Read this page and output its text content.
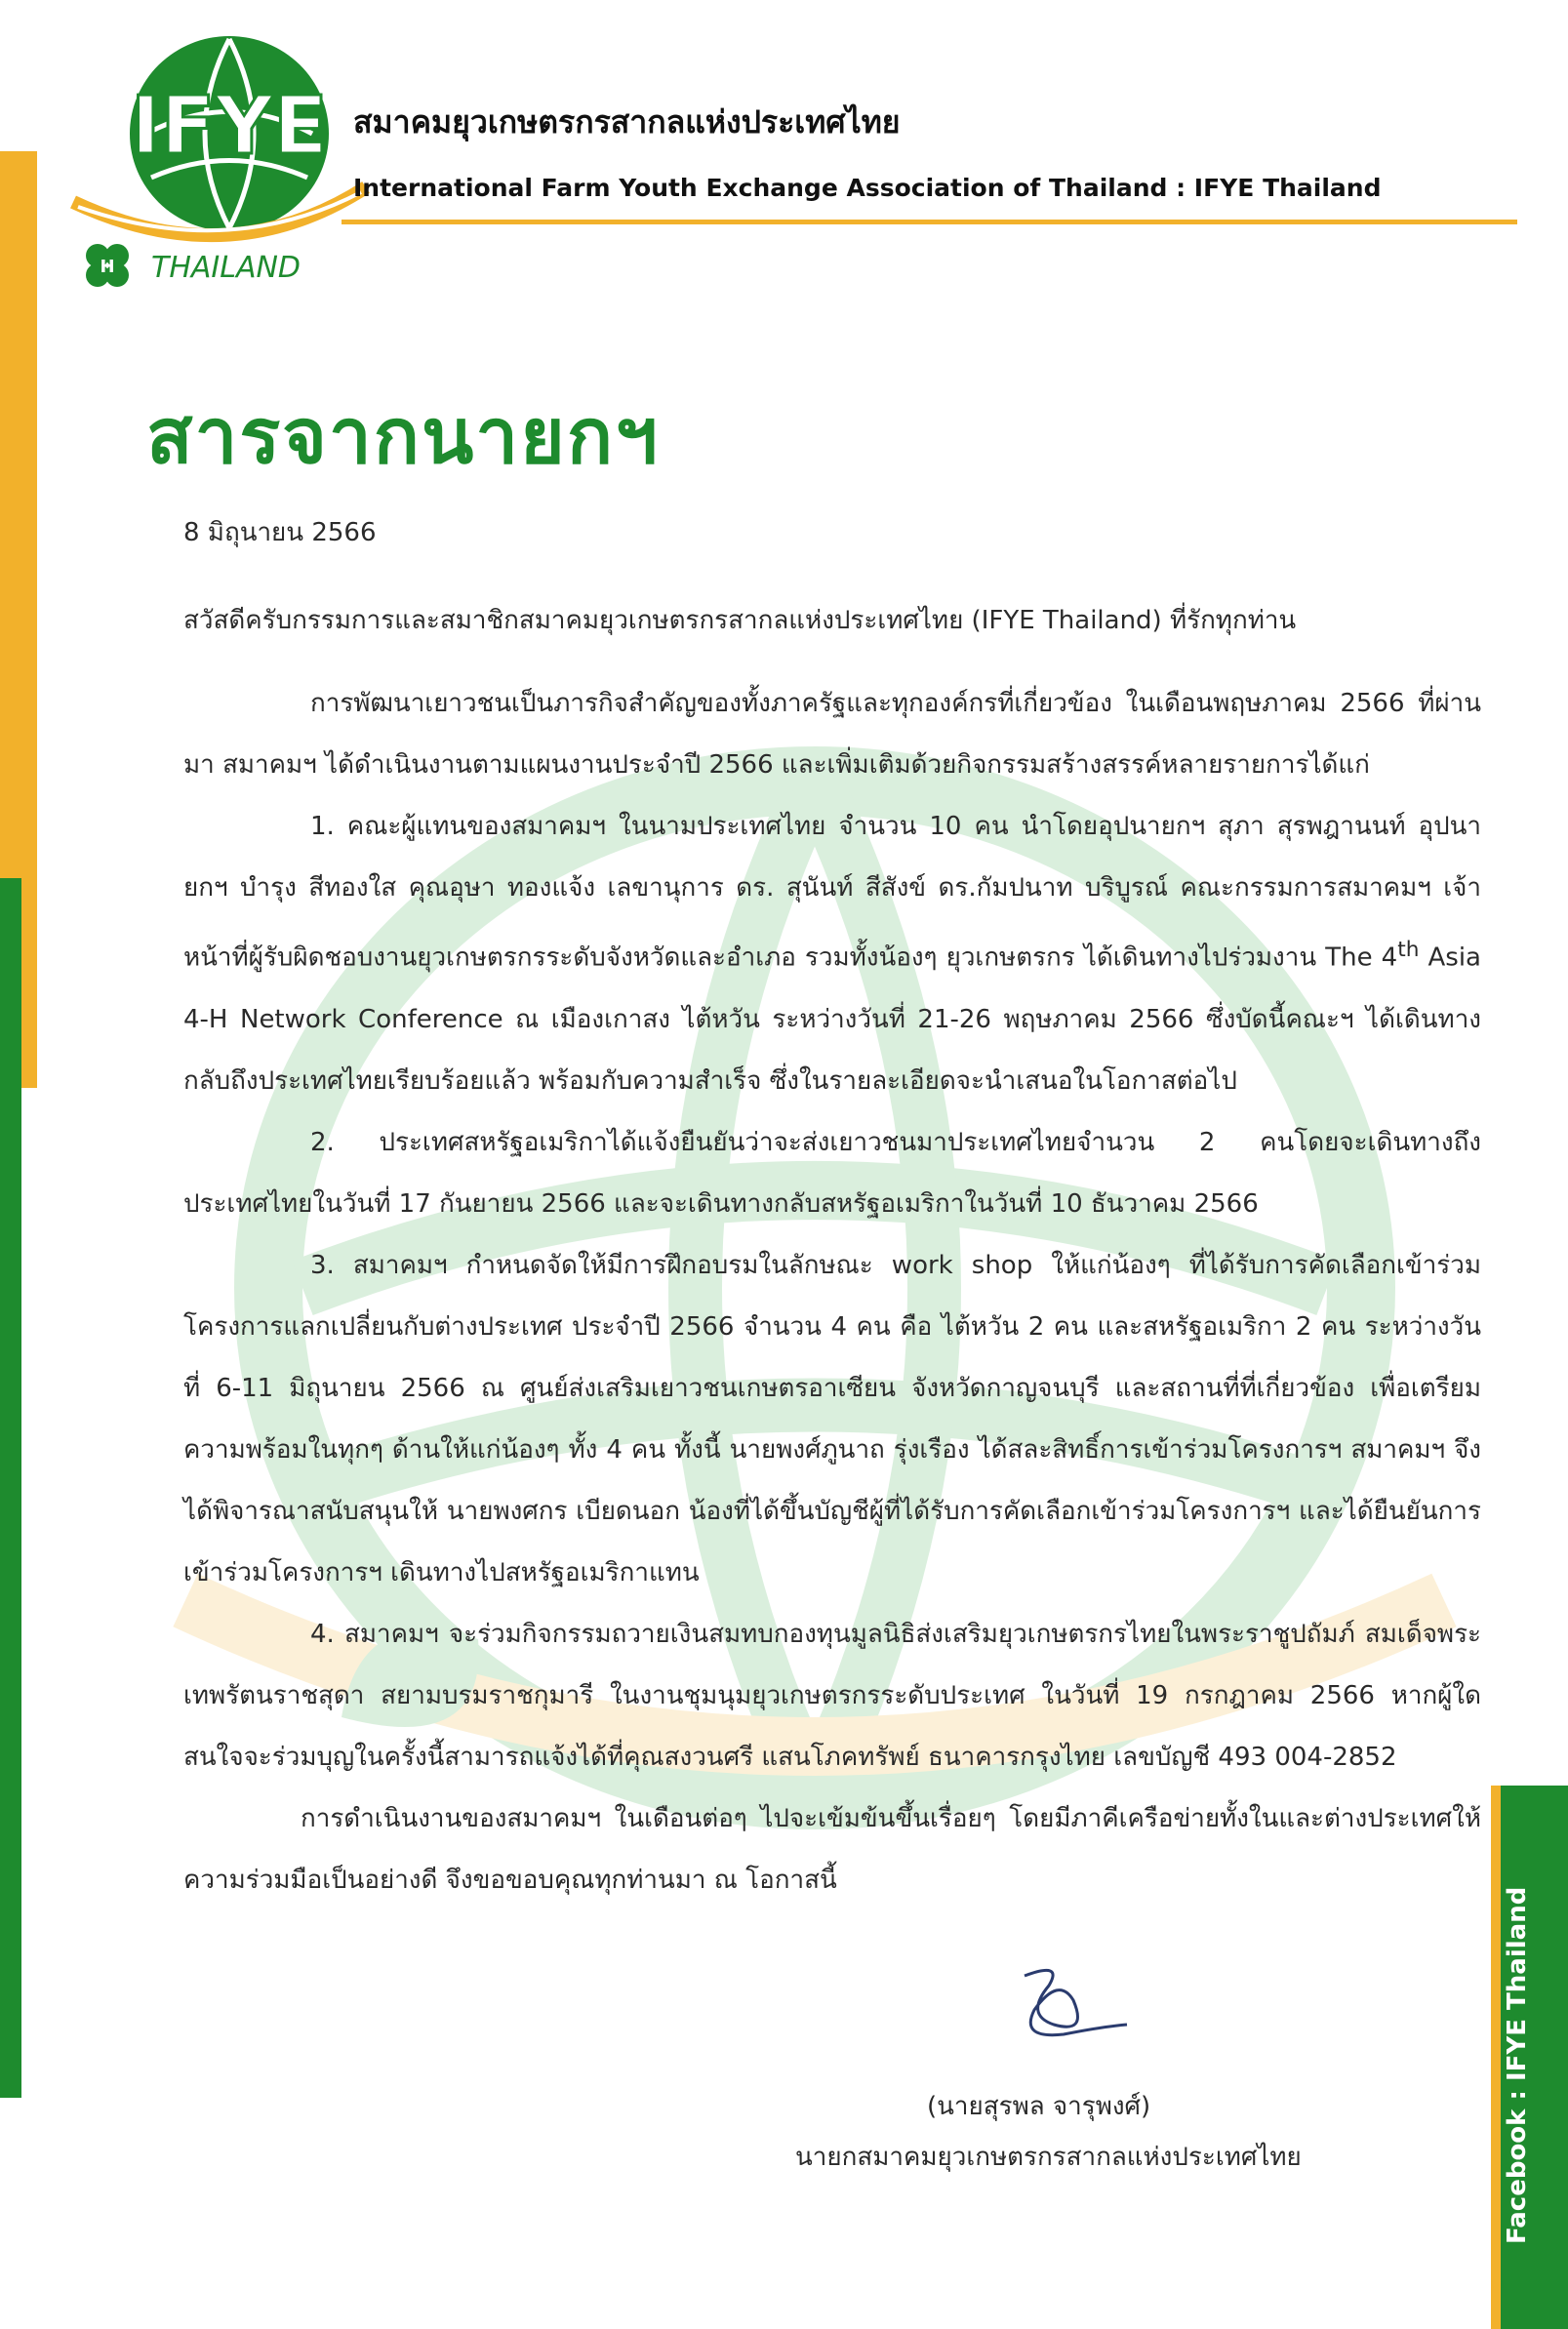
Facebook : IFYE Thailand
IFYE
H THAILAND
สมาคมยุวเกษตรกรสากลแห่งประเทศไทย
International Farm Youth Exchange Association of Thailand : IFYE Thailand
สารจากนายกฯ
8 มิถุนายน 2566
สวัสดีครับกรรมการและสมาชิกสมาคมยุวเกษตรกรสากลแห่งประเทศไทย (IFYE Thailand) ที่รักทุกท่าน

การพัฒนาเยาวชนเป็นภารกิจสำคัญของทั้งภาครัฐและทุกองค์กรที่เกี่ยวข้อง ในเดือนพฤษภาคม 2566 ที่ผ่านมา สมาคมฯ ได้ดำเนินงานตามแผนงานประจำปี 2566 และเพิ่มเติมด้วยกิจกรรมสร้างสรรค์หลายรายการได้แก่

1. คณะผู้แทนของสมาคมฯ ในนามประเทศไทย จำนวน 10 คน นำโดยอุปนายกฯ สุภา สุรพฎานนท์ อุปนายกฯ บำรุง สีทองใส คุณอุษา ทองแจ้ง เลขานุการ ดร. สุนันท์ สีสังข์ ดร.กัมปนาท บริบูรณ์ คณะกรรมการสมาคมฯ เจ้าหน้าที่ผู้รับผิดชอบงานยุวเกษตรกรระดับจังหวัดและอำเภอ รวมทั้งน้องๆ ยุวเกษตรกร ได้เดินทางไปร่วมงาน The 4th Asia 4-H Network Conference ณ เมืองเกาสง ไต้หวัน ระหว่างวันที่ 21-26 พฤษภาคม 2566 ซึ่งบัดนี้คณะฯ ได้เดินทางกลับถึงประเทศไทยเรียบร้อยแล้ว พร้อมกับความสำเร็จ ซึ่งในรายละเอียดจะนำเสนอในโอกาสต่อไป

2. ประเทศสหรัฐอเมริกาได้แจ้งยืนยันว่าจะส่งเยาวชนมาประเทศไทยจำนวน 2 คนโดยจะเดินทางถึงประเทศไทยในวันที่ 17 กันยายน 2566 และจะเดินทางกลับสหรัฐอเมริกาในวันที่ 10 ธันวาคม 2566

3. สมาคมฯ กำหนดจัดให้มีการฝึกอบรมในลักษณะ work shop ให้แก่น้องๆ ที่ได้รับการคัดเลือกเข้าร่วมโครงการแลกเปลี่ยนกับต่างประเทศ ประจำปี 2566 จำนวน 4 คน คือ ไต้หวัน 2 คน และสหรัฐอเมริกา 2 คน ระหว่างวันที่ 6-11 มิถุนายน 2566 ณ ศูนย์ส่งเสริมเยาวชนเกษตรอาเซียน จังหวัดกาญจนบุรี และสถานที่ที่เกี่ยวข้อง เพื่อเตรียมความพร้อมในทุกๆ ด้านให้แก่น้องๆ ทั้ง 4 คน ทั้งนี้ นายพงศ์ภูนาถ รุ่งเรือง ได้สละสิทธิ์การเข้าร่วมโครงการฯ สมาคมฯ จึงได้พิจารณาสนับสนุนให้ นายพงศกร เบียดนอก น้องที่ได้ขึ้นบัญชีผู้ที่ได้รับการคัดเลือกเข้าร่วมโครงการฯ และได้ยืนยันการเข้าร่วมโครงการฯ เดินทางไปสหรัฐอเมริกาแทน

4. สมาคมฯ จะร่วมกิจกรรมถวายเงินสมทบกองทุนมูลนิธิส่งเสริมยุวเกษตรกรไทยในพระราชูปถัมภ์ สมเด็จพระเทพรัตนราชสุดา สยามบรมราชกุมารี ในงานชุมนุมยุวเกษตรกรระดับประเทศ ในวันที่ 19 กรกฎาคม 2566 หากผู้ใดสนใจจะร่วมบุญในครั้งนี้สามารถแจ้งได้ที่คุณสงวนศรี แสนโภคทรัพย์ ธนาคารกรุงไทย เลขบัญชี 493 004-2852

การดำเนินงานของสมาคมฯ ในเดือนต่อๆ ไปจะเข้มข้นขึ้นเรื่อยๆ โดยมีภาคีเครือข่ายทั้งในและต่างประเทศให้ความร่วมมือเป็นอย่างดี จึงขอขอบคุณทุกท่านมา ณ โอกาสนี้

(นายสุรพล จารุพงศ์)
นายกสมาคมยุวเกษตรกรสากลแห่งประเทศไทย
